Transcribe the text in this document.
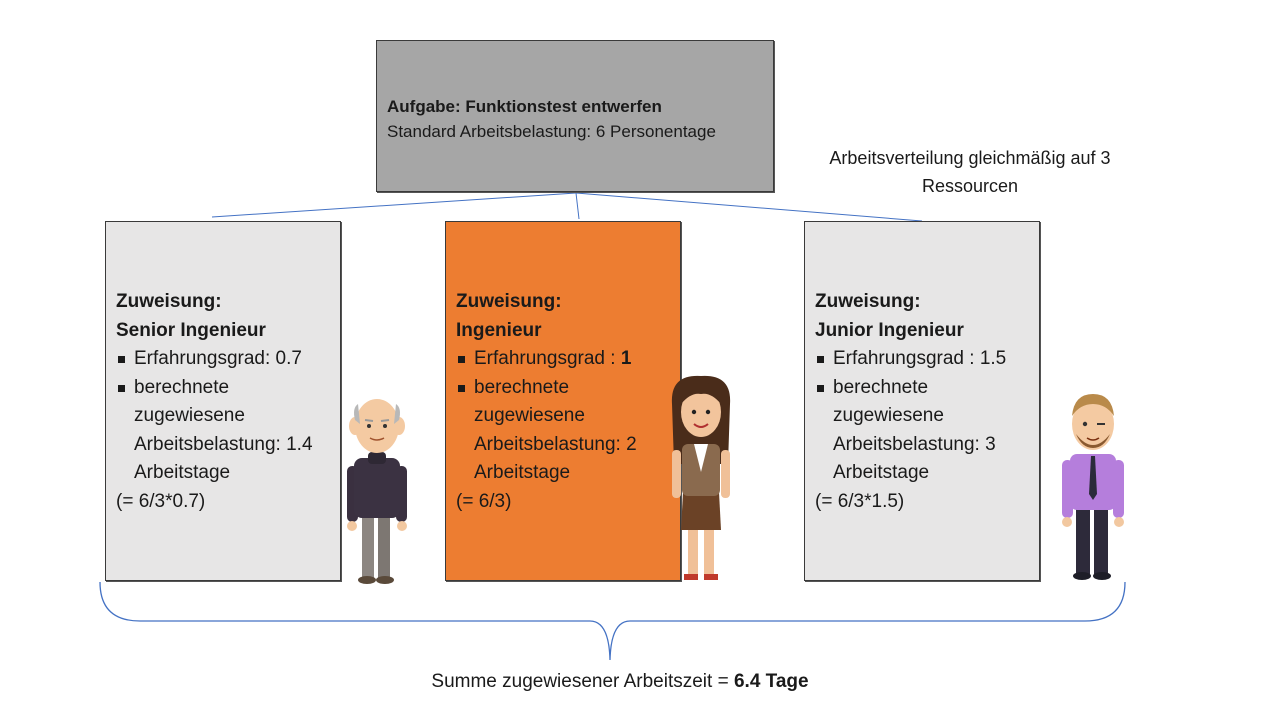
Aufgabe: Funktionstest entwerfen
Standard Arbeitsbelastung: 6 Personentage
Arbeitsverteilung gleichmäßig auf 3 Ressourcen
Zuweisung:
Senior Ingenieur
Erfahrungsgrad: 0.7
berechnete zugewiesene Arbeitsbelastung: 1.4 Arbeitstage
(= 6/3*0.7)
Zuweisung:
Ingenieur
Erfahrungsgrad : 1
berechnete zugewiesene Arbeitsbelastung: 2 Arbeitstage
(= 6/3)
Zuweisung:
Junior Ingenieur
Erfahrungsgrad : 1.5
berechnete zugewiesene Arbeitsbelastung: 3 Arbeitstage
(= 6/3*1.5)
Summe zugewiesener Arbeitszeit = 6.4 Tage
